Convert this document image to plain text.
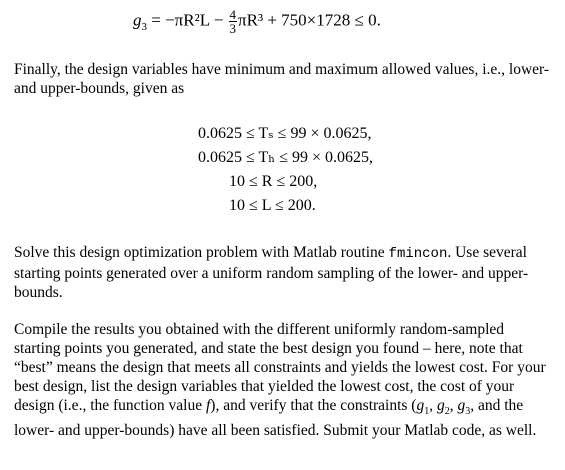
$g_3 = -\pi R^2L - \frac{4}{3} \pi R^3 + 750\times 1728 \le 0$.

Finally, the design variables have minimum and maximum allowed values, i.e., lower- and upper-bounds, given as

0.0625 ≤ Tₛ ≤ 99 × 0.0625,
0.0625 ≤ Tₕ ≤ 99 × 0.0625,
10 ≤ R ≤ 200,
10 ≤ L ≤ 200.

Solve this design optimization problem with Matlab routine fmincon. Use several starting points generated over a uniform random sampling of the lower- and upper-bounds.

Compile the results you obtained with the different uniformly random-sampled starting points you generated, and state the best design you found – here, note that “best” means the design that meets all constraints and yields the lowest cost. For your best design, list the design variables that yielded the lowest cost, the cost of your design (i.e., the function value f), and verify that the constraints ($g_1$, $g_2$, $g_3$, and the lower- and upper-bounds) have all been satisfied. Submit your Matlab code, as well.
